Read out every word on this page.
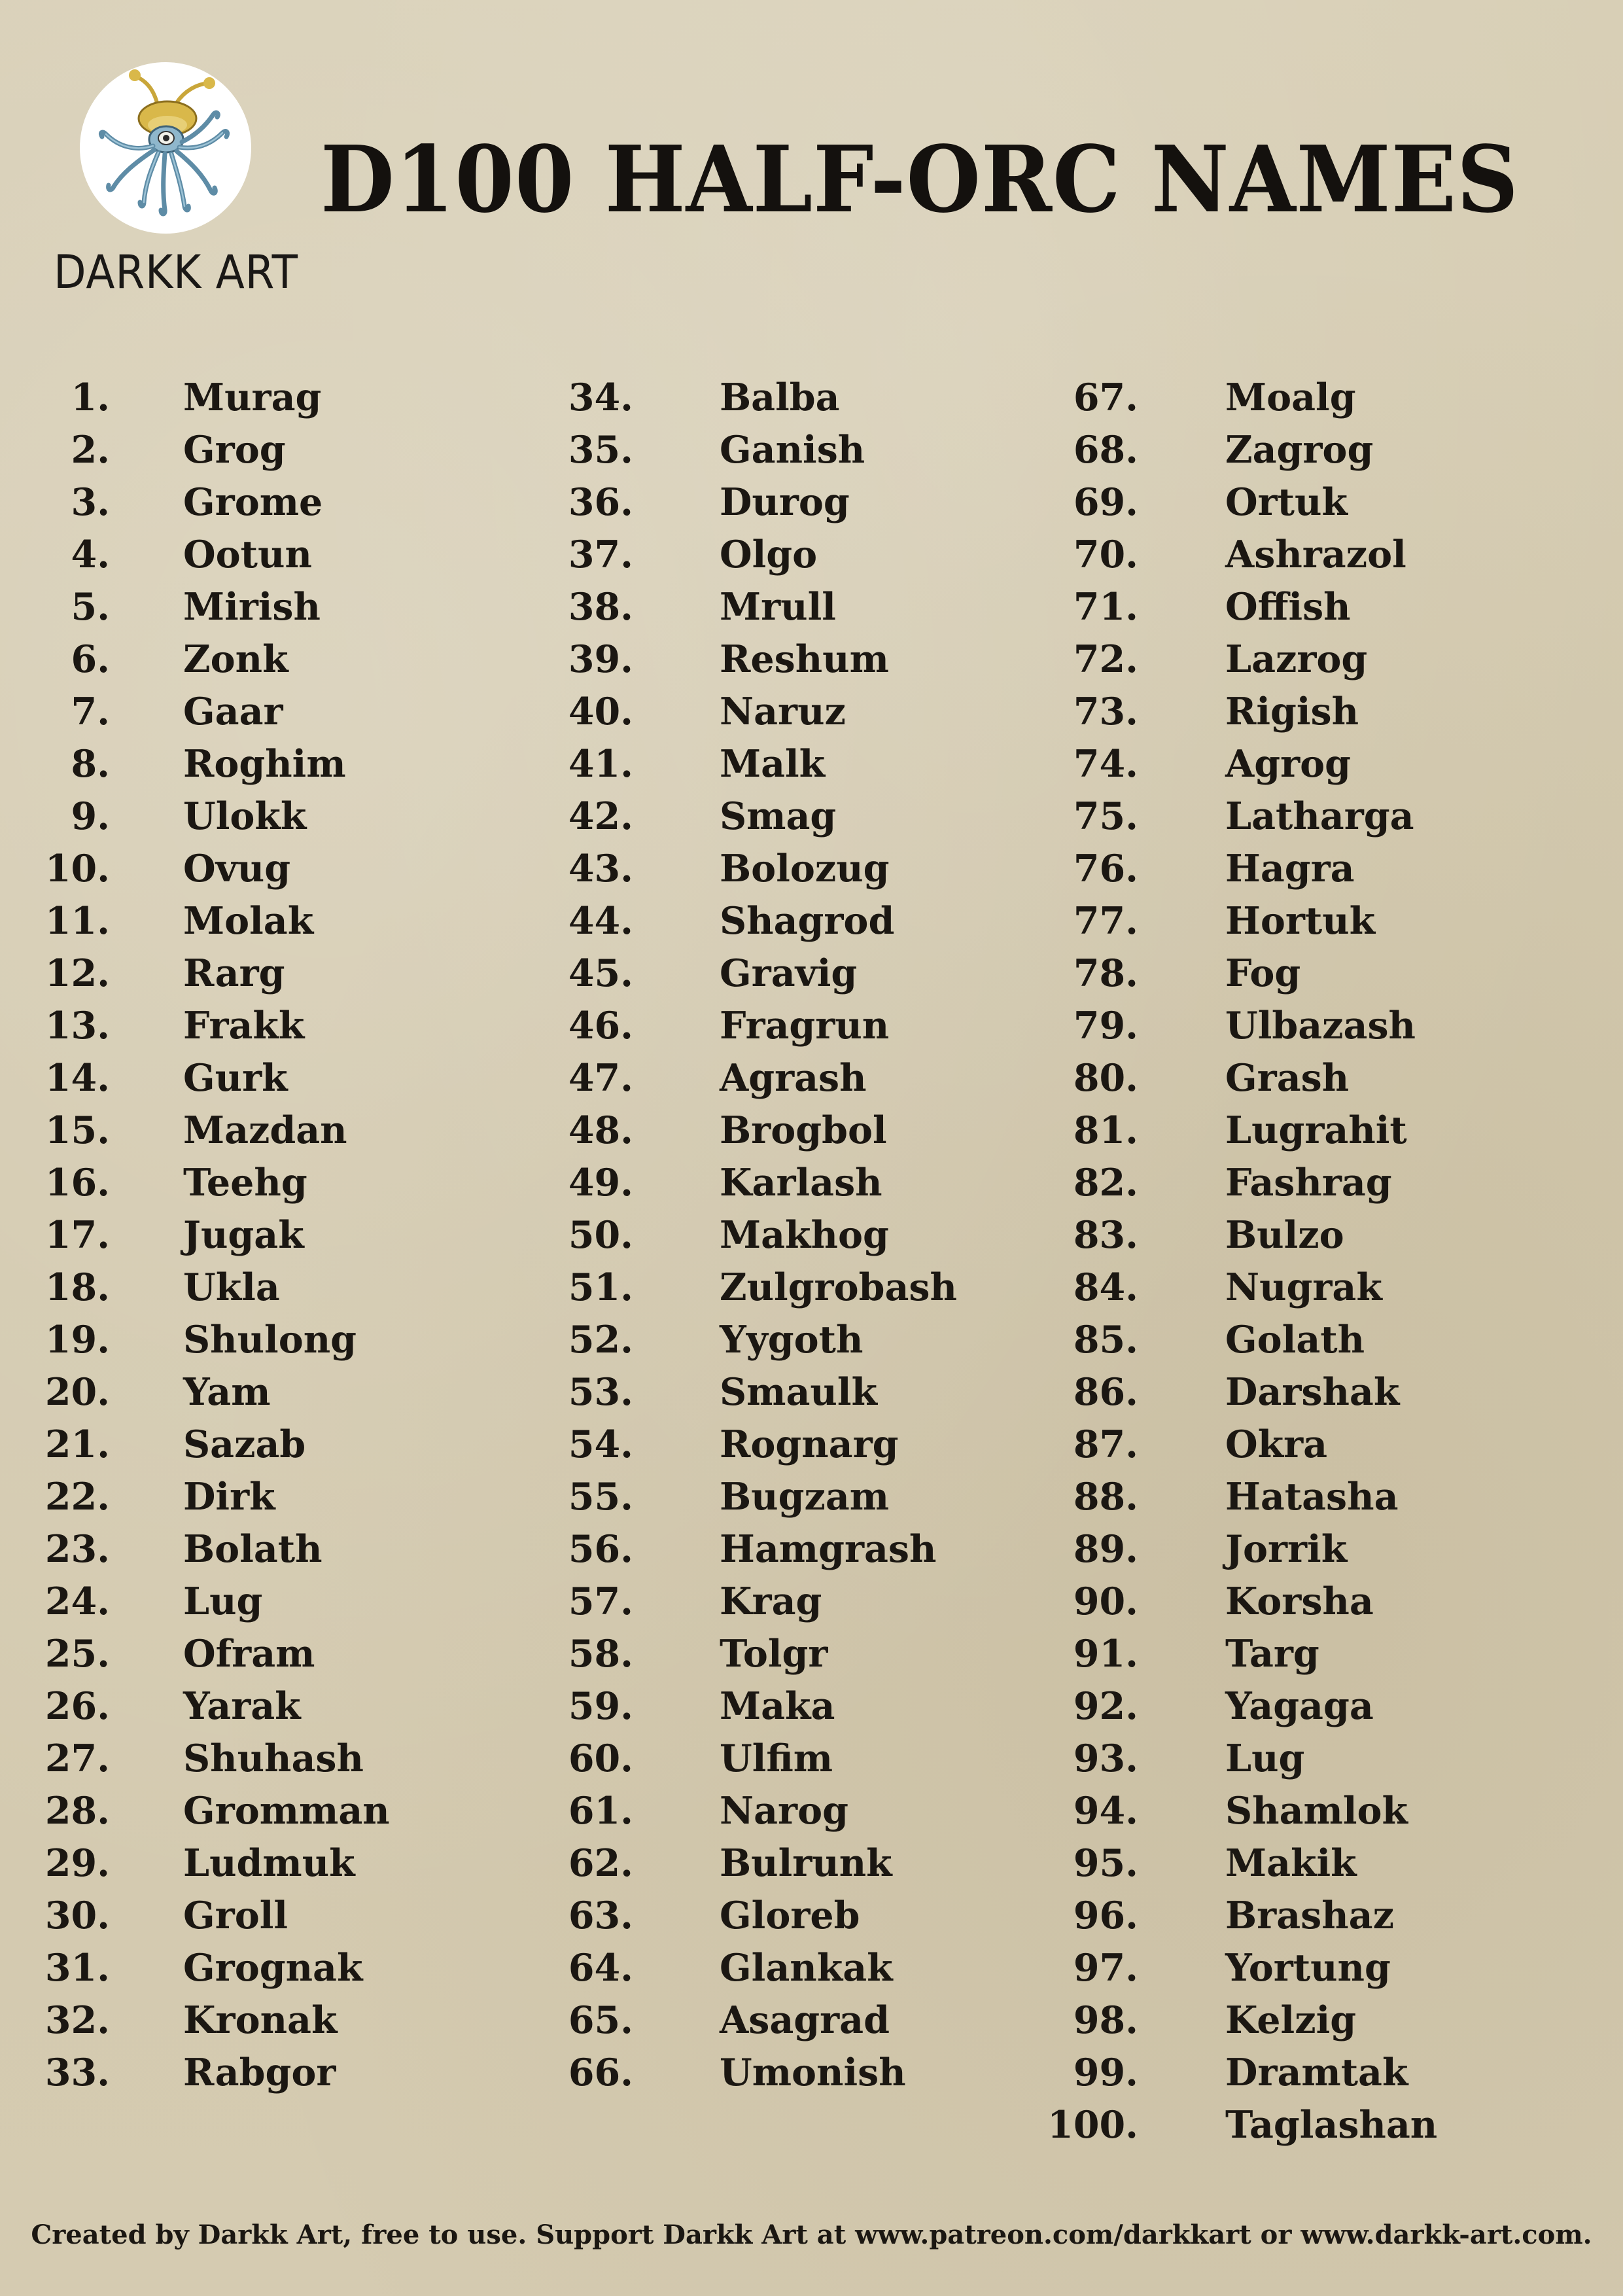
DARKK ART
D100 HALF-ORC NAMES
1. Murag
2. Grog
3. Grome
4. Ootun
5. Mirish
6. Zonk
7. Gaar
8. Roghim
9. Ulokk
10. Ovug
11. Molak
12. Rarg
13. Frakk
14. Gurk
15. Mazdan
16. Teehg
17. Jugak
18. Ukla
19. Shulong
20. Yam
21. Sazab
22. Dirk
23. Bolath
24. Lug
25. Ofram
26. Yarak
27. Shuhash
28. Gromman
29. Ludmuk
30. Groll
31. Grognak
32. Kronak
33. Rabgor
34. Balba
35. Ganish
36. Durog
37. Olgo
38. Mrull
39. Reshum
40. Naruz
41. Malk
42. Smag
43. Bolozug
44. Shagrod
45. Gravig
46. Fragrun
47. Agrash
48. Brogbol
49. Karlash
50. Makhog
51. Zulgrobash
52. Yygoth
53. Smaulk
54. Rognarg
55. Bugzam
56. Hamgrash
57. Krag
58. Tolgr
59. Maka
60. Ulfim
61. Narog
62. Bulrunk
63. Gloreb
64. Glankak
65. Asagrad
66. Umonish
67. Moalg
68. Zagrog
69. Ortuk
70. Ashrazol
71. Offish
72. Lazrog
73. Rigish
74. Agrog
75. Latharga
76. Hagra
77. Hortuk
78. Fog
79. Ulbazash
80. Grash
81. Lugrahit
82. Fashrag
83. Bulzo
84. Nugrak
85. Golath
86. Darshak
87. Okra
88. Hatasha
89. Jorrik
90. Korsha
91. Targ
92. Yagaga
93. Lug
94. Shamlok
95. Makik
96. Brashaz
97. Yortung
98. Kelzig
99. Dramtak
100. Taglashan
Created by Darkk Art, free to use. Support Darkk Art at www.patreon.com/darkkart or www.darkk-art.com.
